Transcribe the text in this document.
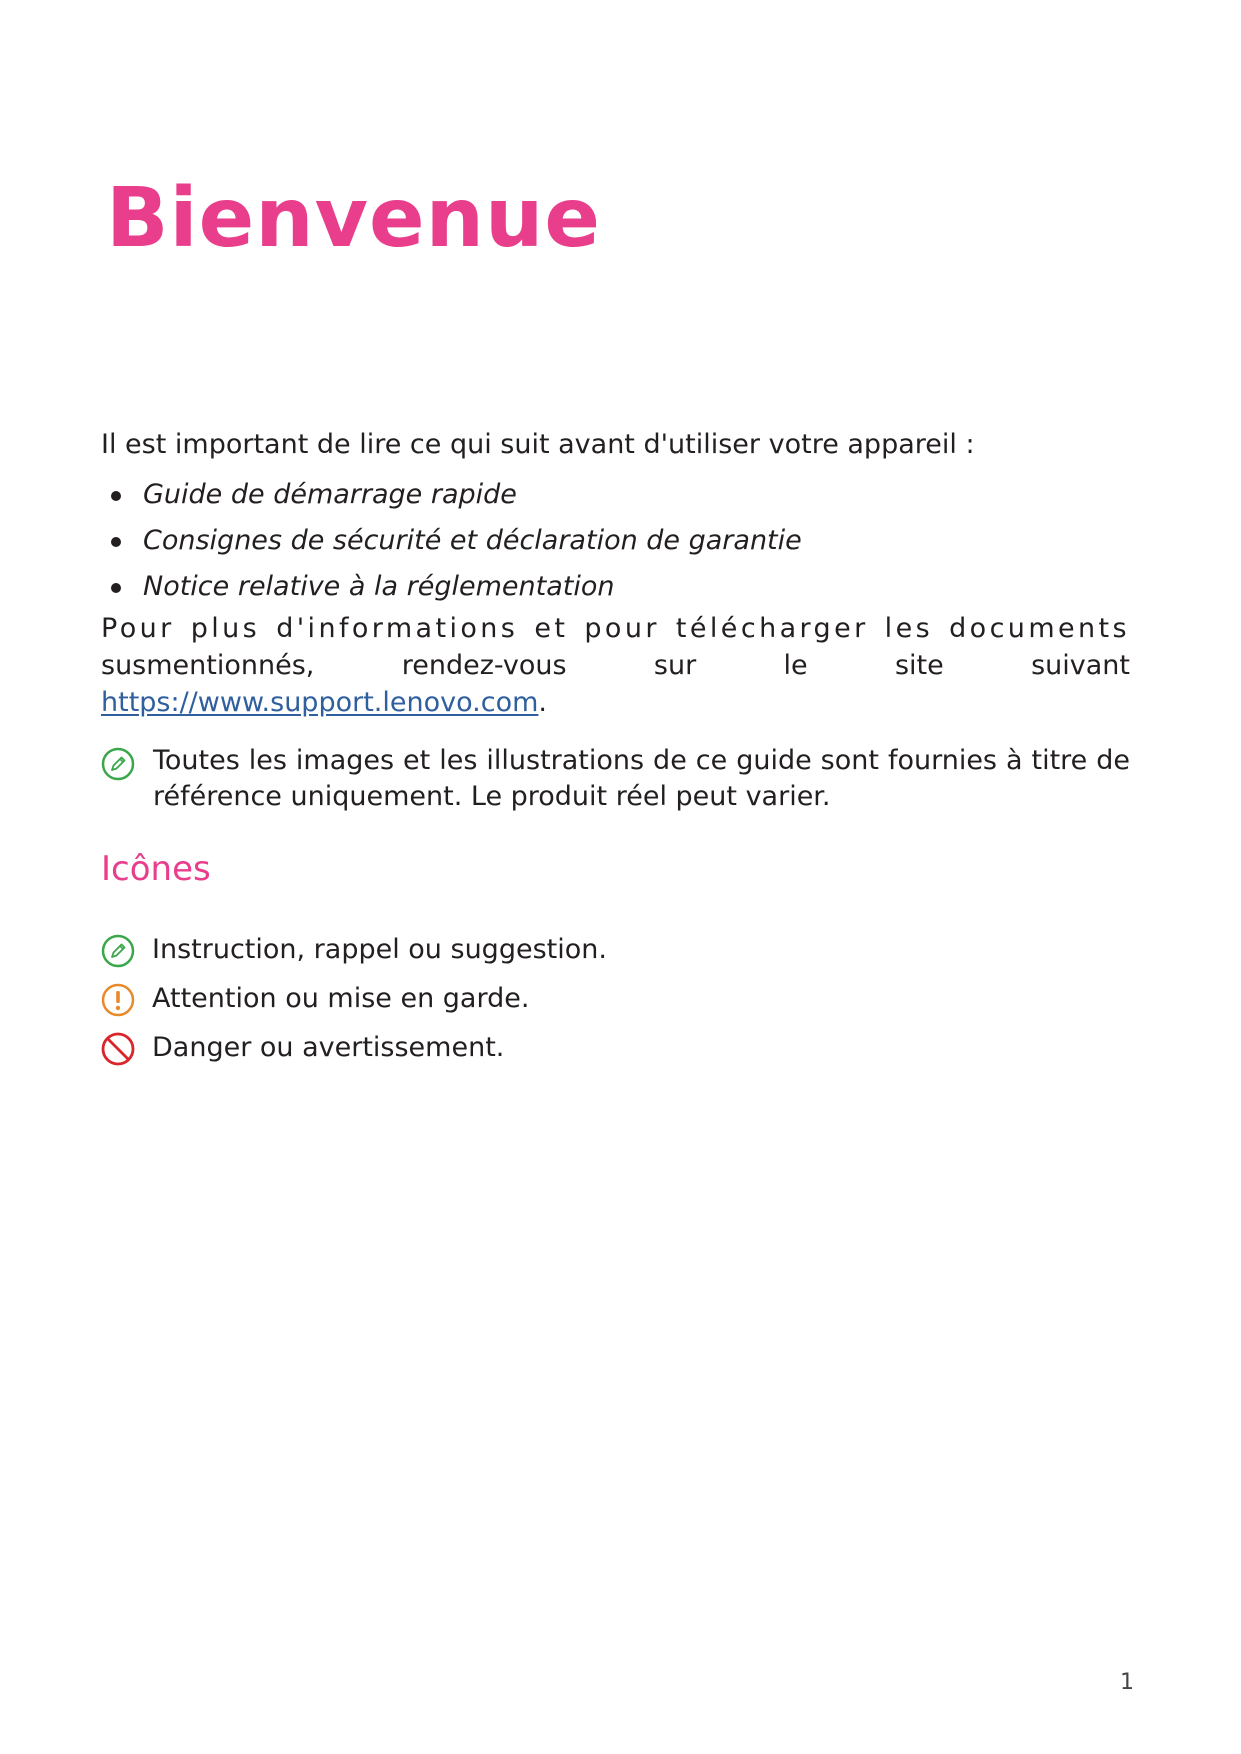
Bienvenue

Il est important de lire ce qui suit avant d'utiliser votre appareil :

Guide de démarrage rapide
Consignes de sécurité et déclaration de garantie
Notice relative à la réglementation

Pour plus d'informations et pour télécharger les documents susmentionnés, rendez-vous sur le site suivant https://www.support.lenovo.com.

Toutes les images et les illustrations de ce guide sont fournies à titre de référence uniquement. Le produit réel peut varier.
Icônes
Instruction, rappel ou suggestion.
Attention ou mise en garde.
Danger ou avertissement.
1
